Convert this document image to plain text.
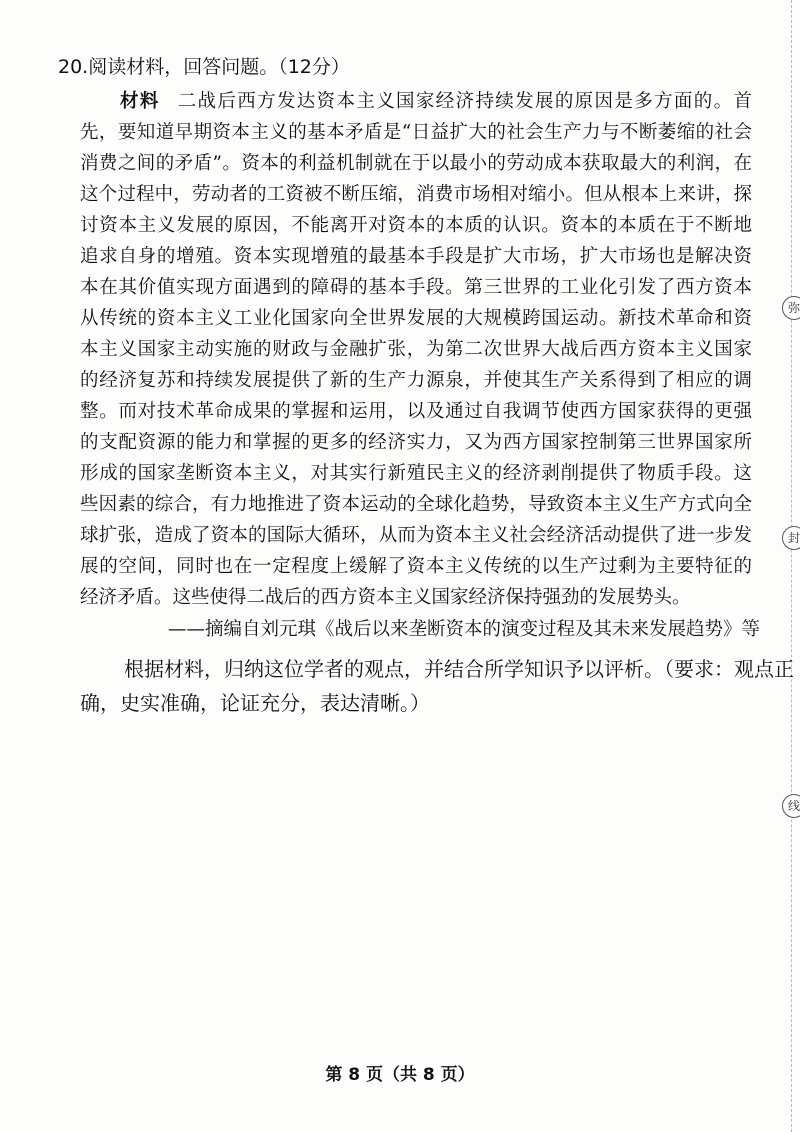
弥
封
线
20.阅读材料，回答问题。（12分）
材料 二战后西方发达资本主义国家经济持续发展的原因是多方面的。首
先，要知道早期资本主义的基本矛盾是“日益扩大的社会生产力与不断萎缩的社会
消费之间的矛盾”。资本的利益机制就在于以最小的劳动成本获取最大的利润，在
这个过程中，劳动者的工资被不断压缩，消费市场相对缩小。但从根本上来讲，探
讨资本主义发展的原因，不能离开对资本的本质的认识。资本的本质在于不断地
追求自身的增殖。资本实现增殖的最基本手段是扩大市场，扩大市场也是解决资
本在其价值实现方面遇到的障碍的基本手段。第三世界的工业化引发了西方资本
从传统的资本主义工业化国家向全世界发展的大规模跨国运动。新技术革命和资
本主义国家主动实施的财政与金融扩张，为第二次世界大战后西方资本主义国家
的经济复苏和持续发展提供了新的生产力源泉，并使其生产关系得到了相应的调
整。而对技术革命成果的掌握和运用，以及通过自我调节使西方国家获得的更强
的支配资源的能力和掌握的更多的经济实力，又为西方国家控制第三世界国家所
形成的国家垄断资本主义，对其实行新殖民主义的经济剥削提供了物质手段。这
些因素的综合，有力地推进了资本运动的全球化趋势，导致资本主义生产方式向全
球扩张，造成了资本的国际大循环，从而为资本主义社会经济活动提供了进一步发
展的空间，同时也在一定程度上缓解了资本主义传统的以生产过剩为主要特征的
经济矛盾。这些使得二战后的西方资本主义国家经济保持强劲的发展势头。
——摘编自刘元琪《战后以来垄断资本的演变过程及其未来发展趋势》等
根据材料，归纳这位学者的观点，并结合所学知识予以评析。（要求：观点正
确，史实准确，论证充分，表达清晰。）
第 8 页（共 8 页）
